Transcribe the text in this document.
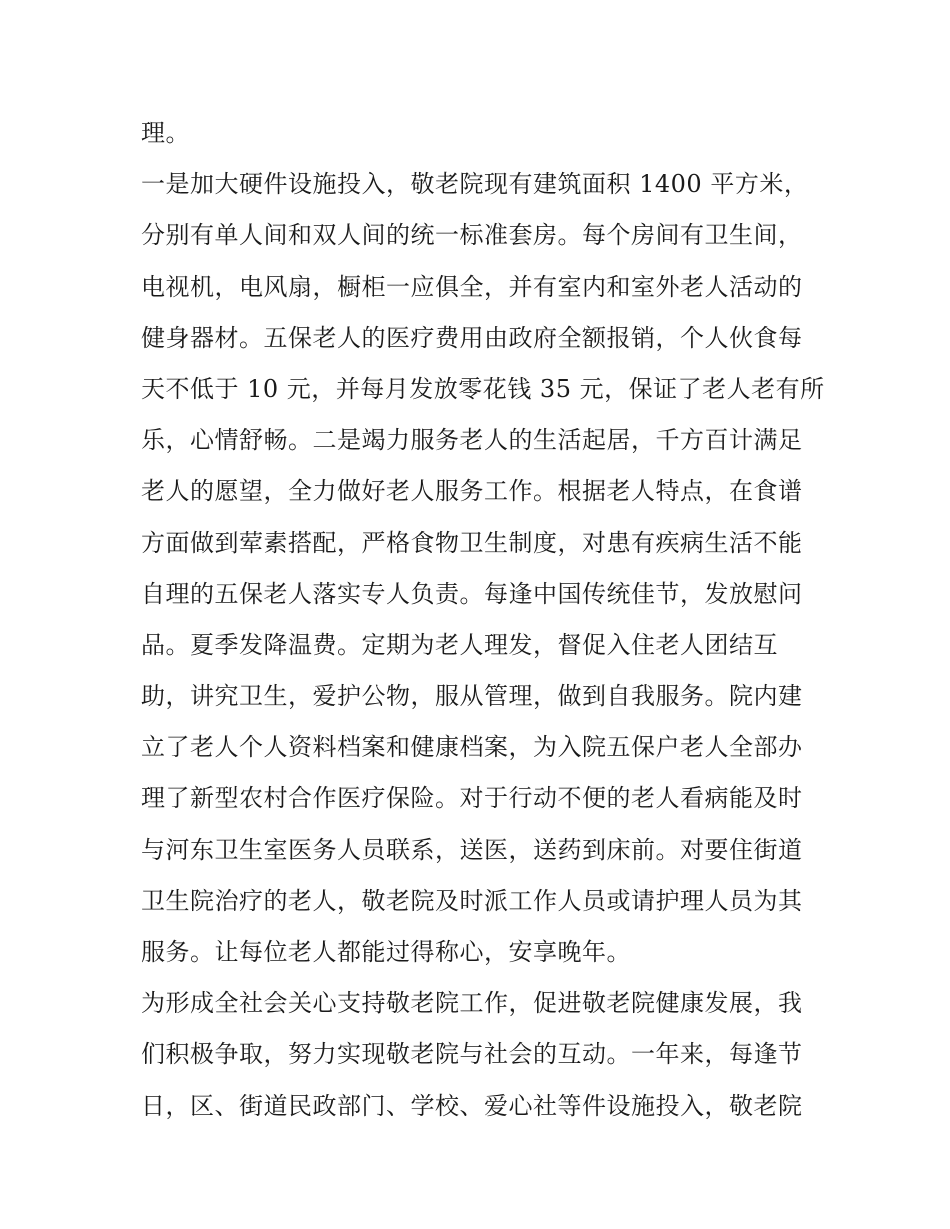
理。
一是加大硬件设施投入，敬老院现有建筑面积 1400 平方米，
分别有单人间和双人间的统一标准套房。每个房间有卫生间，
电视机，电风扇，橱柜一应俱全，并有室内和室外老人活动的
健身器材。五保老人的医疗费用由政府全额报销，个人伙食每
天不低于 10 元，并每月发放零花钱 35 元，保证了老人老有所
乐，心情舒畅。二是竭力服务老人的生活起居，千方百计满足
老人的愿望，全力做好老人服务工作。根据老人特点，在食谱
方面做到荤素搭配，严格食物卫生制度，对患有疾病生活不能
自理的五保老人落实专人负责。每逢中国传统佳节，发放慰问
品。夏季发降温费。定期为老人理发，督促入住老人团结互
助，讲究卫生，爱护公物，服从管理，做到自我服务。院内建
立了老人个人资料档案和健康档案，为入院五保户老人全部办
理了新型农村合作医疗保险。对于行动不便的老人看病能及时
与河东卫生室医务人员联系，送医，送药到床前。对要住街道
卫生院治疗的老人，敬老院及时派工作人员或请护理人员为其
服务。让每位老人都能过得称心，安享晚年。
为形成全社会关心支持敬老院工作，促进敬老院健康发展，我
们积极争取，努力实现敬老院与社会的互动。一年来，每逢节
日，区、街道民政部门、学校、爱心社等件设施投入，敬老院
